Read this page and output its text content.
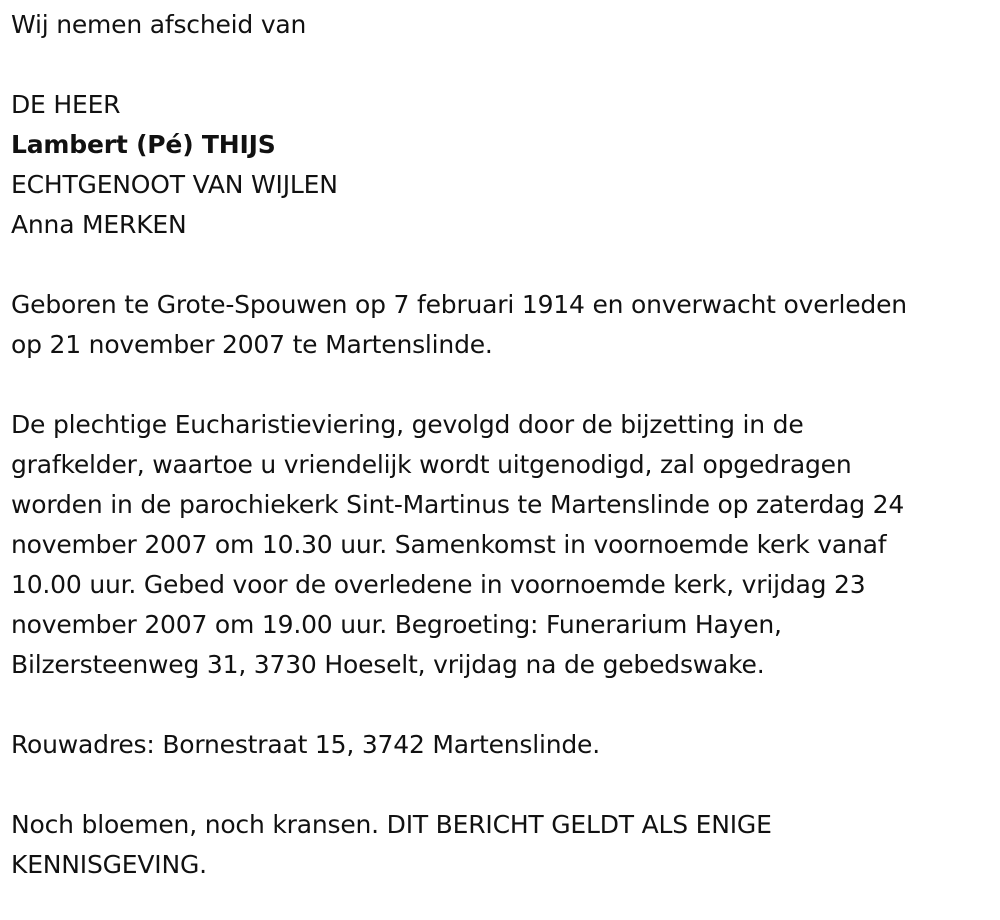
Wij nemen afscheid van
DE HEER
Lambert (Pé) THIJS
ECHTGENOOT VAN WIJLEN
Anna MERKEN
Geboren te Grote-Spouwen op 7 februari 1914 en onverwacht overleden
op 21 november 2007 te Martenslinde.
De plechtige Eucharistieviering, gevolgd door de bijzetting in de
grafkelder, waartoe u vriendelijk wordt uitgenodigd, zal opgedragen
worden in de parochiekerk Sint-Martinus te Martenslinde op zaterdag 24
november 2007 om 10.30 uur. Samenkomst in voornoemde kerk vanaf
10.00 uur. Gebed voor de overledene in voornoemde kerk, vrijdag 23
november 2007 om 19.00 uur. Begroeting: Funerarium Hayen,
Bilzersteenweg 31, 3730 Hoeselt, vrijdag na de gebedswake.
Rouwadres: Bornestraat 15, 3742 Martenslinde.
Noch bloemen, noch kransen. DIT BERICHT GELDT ALS ENIGE
KENNISGEVING.
